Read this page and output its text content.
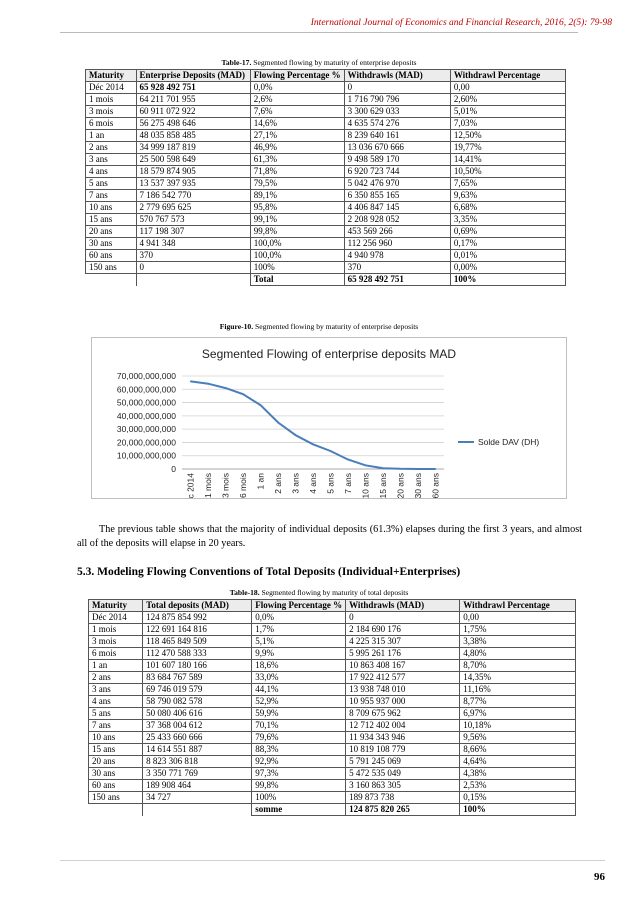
International Journal of Economics and Financial Research, 2016, 2(5): 79-98
Table-17. Segmented flowing by maturity of enterprise deposits
Maturity	Enterprise Deposits (MAD)	Flowing Percentage %	Withdrawls (MAD)	Withdrawl Percentage
Déc 2014	65 928 492 751	0,0%	0	0,00
1 mois	64 211 701 955	2,6%	1 716 790 796	2,60%
3 mois	60 911 072 922	7,6%	3 300 629 033	5,01%
6 mois	56 275 498 646	14,6%	4 635 574 276	7,03%
1 an	48 035 858 485	27,1%	8 239 640 161	12,50%
2 ans	34 999 187 819	46,9%	13 036 670 666	19,77%
3 ans	25 500 598 649	61,3%	9 498 589 170	14,41%
4 ans	18 579 874 905	71,8%	6 920 723 744	10,50%
5 ans	13 537 397 935	79,5%	5 042 476 970	7,65%
7 ans	7 186 542 770	89,1%	6 350 855 165	9,63%
10 ans	2 779 695 625	95,8%	4 406 847 145	6,68%
15 ans	570 767 573	99,1%	2 208 928 052	3,35%
20 ans	117 198 307	99,8%	453 569 266	0,69%
30 ans	4 941 348	100,0%	112 256 960	0,17%
60 ans	370	100,0%	4 940 978	0,01%
150 ans	0	100%	370	0,00%
		Total	65 928 492 751	100%
Figure-10. Segmented flowing by maturity of enterprise deposits
Segmented Flowing of enterprise deposits MAD
0
10,000,000,000
20,000,000,000
30,000,000,000
40,000,000,000
50,000,000,000
60,000,000,000
70,000,000,000
Dec 2014 1 mois 3 mois 6 mois 1 an 2 ans 3 ans 4 ans 5 ans 7 ans 10 ans 15 ans 20 ans 30 ans 60 ans
Solde DAV (DH)
The previous table shows that the majority of individual deposits (61.3%) elapses during the first 3 years, and almost all of the deposits will elapse in 20 years.
5.3. Modeling Flowing Conventions of Total Deposits (Individual+Enterprises)
Table-18. Segmented flowing by maturity of total deposits
Maturity	Total deposits (MAD)	Flowing Percentage %	Withdrawls (MAD)	Withdrawl Percentage
Déc 2014	124 875 854 992	0,0%	0	0,00
1 mois	122 691 164 816	1,7%	2 184 690 176	1,75%
3 mois	118 465 849 509	5,1%	4 225 315 307	3,38%
6 mois	112 470 588 333	9,9%	5 995 261 176	4,80%
1 an	101 607 180 166	18,6%	10 863 408 167	8,70%
2 ans	83 684 767 589	33,0%	17 922 412 577	14,35%
3 ans	69 746 019 579	44,1%	13 938 748 010	11,16%
4 ans	58 790 082 578	52,9%	10 955 937 000	8,77%
5 ans	50 080 406 616	59,9%	8 709 675 962	6,97%
7 ans	37 368 004 612	70,1%	12 712 402 004	10,18%
10 ans	25 433 660 666	79,6%	11 934 343 946	9,56%
15 ans	14 614 551 887	88,3%	10 819 108 779	8,66%
20 ans	8 823 306 818	92,9%	5 791 245 069	4,64%
30 ans	3 350 771 769	97,3%	5 472 535 049	4,38%
60 ans	189 908 464	99,8%	3 160 863 305	2,53%
150 ans	34 727	100%	189 873 738	0,15%
		somme	124 875 820 265	100%
96
